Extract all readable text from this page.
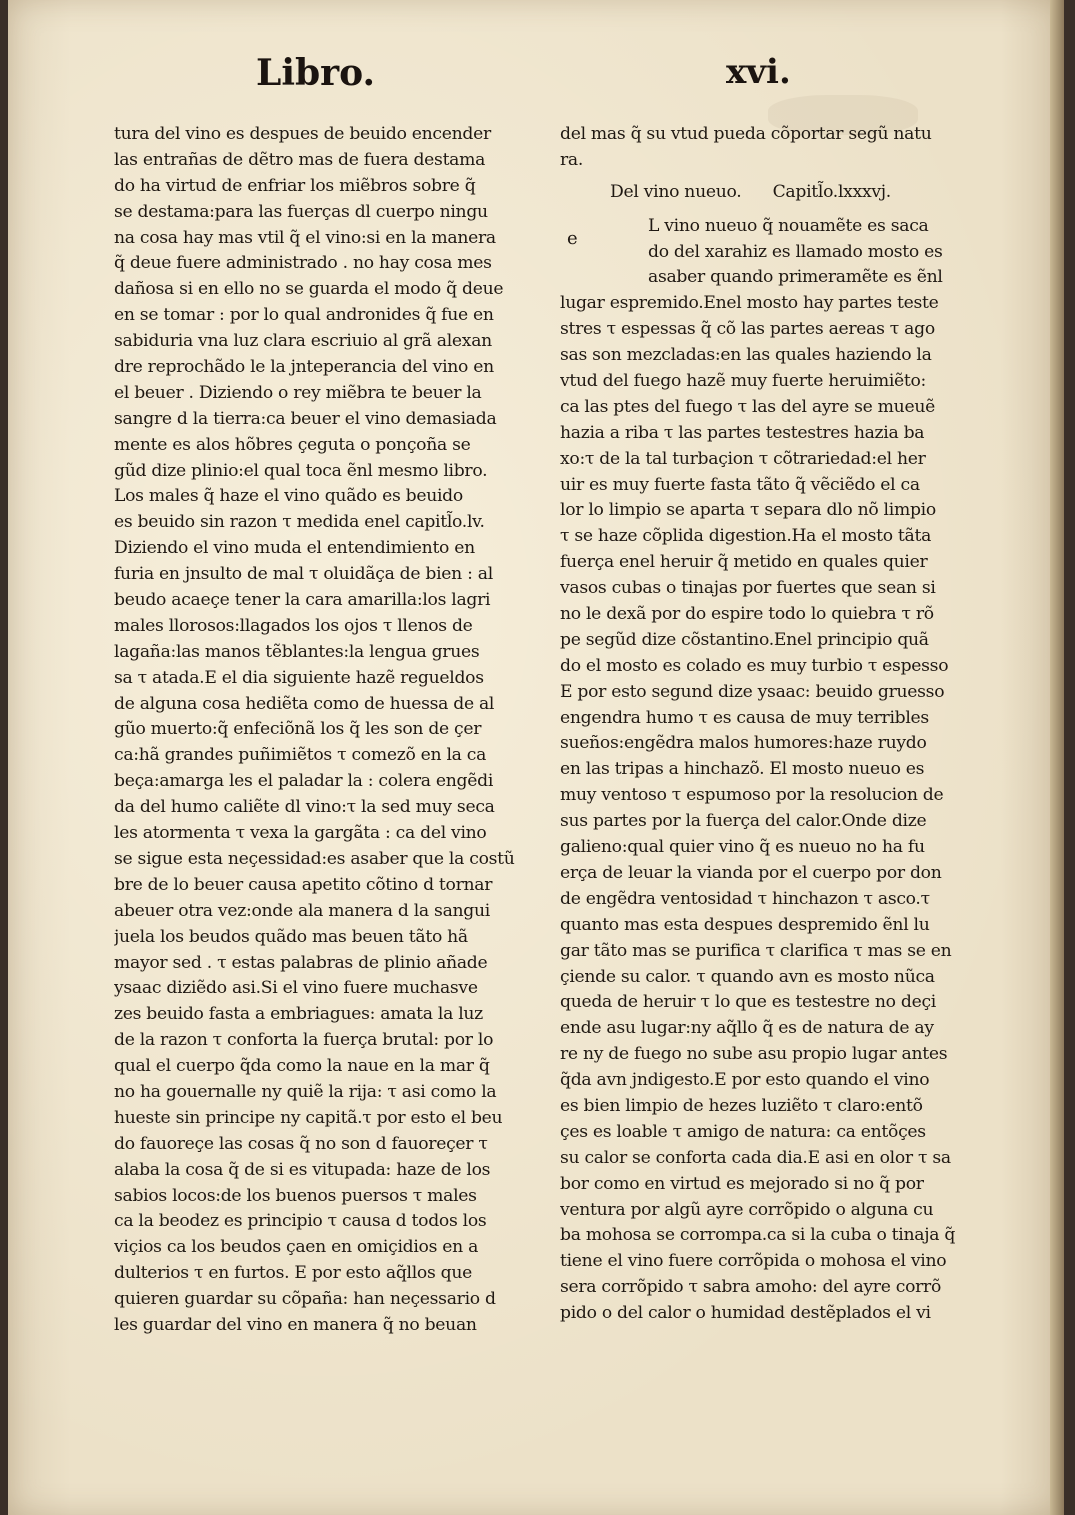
Libro.	xvi.
tura del vino es despues de beuido encender
las entrañas de dẽtro mas de fuera destama
do ha virtud de enfriar los miẽbros sobre q̃
se destama:para las fuerças dl cuerpo ningu
na cosa hay mas vtil q̃ el vino:si en la manera
q̃ deue fuere administrado . no hay cosa mes
dañosa si en ello no se guarda el modo q̃ deue
en se tomar : por lo qual andronides q̃ fue en
sabiduria vna luz clara escriuio al grã alexan
dre reprochãdo le la jnteperancia del vino en
el beuer . Diziendo o rey miẽbra te beuer la
sangre d la tierra:ca beuer el vino demasiada
mente es alos hõbres çeguta o ponçoña se
gũd dize plinio:el qual toca ẽnl mesmo libro.
Los males q̃ haze el vino quãdo es beuido
es beuido sin razon τ medida enel capitl̃o.lv.
Diziendo el vino muda el entendimiento en
furia en jnsulto de mal τ oluidãça de bien : al
beudo acaeçe tener la cara amarilla:los lagri
males llorosos:llagados los ojos τ llenos de
lagaña:las manos tẽblantes:la lengua grues
sa τ atada.E el dia siguiente hazẽ regueldos
de alguna cosa hediẽta como de huessa de al
gũo muerto:q̃ enfeciõnã los q̃ les son de çer
ca:hã grandes puñimiẽtos τ comezõ en la ca
beça:amarga les el paladar la : colera engẽdi
da del humo caliẽte dl vino:τ la sed muy seca
les atormenta τ vexa la gargãta : ca del vino
se sigue esta neçessidad:es asaber que la costũ
bre de lo beuer causa apetito cõtino d tornar
abeuer otra vez:onde ala manera d la sangui
juela los beudos quãdo mas beuen tãto hã
mayor sed . τ estas palabras de plinio añade
ysaac diziẽdo asi.Si el vino fuere muchasve
zes beuido fasta a embriagues: amata la luz
de la razon τ conforta la fuerça brutal: por lo
qual el cuerpo q̃da como la naue en la mar q̃
no ha gouernalle ny quiẽ la rija: τ asi como la
hueste sin principe ny capitã.τ por esto el beu
do fauoreçe las cosas q̃ no son d fauoreçer τ
alaba la cosa q̃ de si es vitupada: haze de los
sabios locos:de los buenos puersos τ males
ca la beodez es principio τ causa d todos los
viçios ca los beudos çaen en omiçidios en a
dulterios τ en furtos. E por esto aq̃llos que
quieren guardar su cõpaña: han neçessario d
les guardar del vino en manera q̃ no beuan
e
del mas q̃ su vtud pueda cõportar segũ natu
ra.
Del vino nueuo. Capitl̃o.lxxxvj.
L vino nueuo q̃ nouamẽte es saca
do del xarahiz es llamado mosto es
asaber quando primeramẽte es ẽnl
lugar espremido.Enel mosto hay partes teste
stres τ espessas q̃ cõ las partes aereas τ ago
sas son mezcladas:en las quales haziendo la
vtud del fuego hazẽ muy fuerte heruimiẽto:
ca las ptes del fuego τ las del ayre se mueuẽ
hazia a riba τ las partes testestres hazia ba
xo:τ de la tal turbaçion τ cõtrariedad:el her
uir es muy fuerte fasta tãto q̃ vẽciẽdo el ca
lor lo limpio se aparta τ separa dlo nõ limpio
τ se haze cõplida digestion.Ha el mosto tãta
fuerça enel heruir q̃ metido en quales quier
vasos cubas o tinajas por fuertes que sean si
no le dexã por do espire todo lo quiebra τ rõ
pe segũd dize cõstantino.Enel principio quã
do el mosto es colado es muy turbio τ espesso
E por esto segund dize ysaac: beuido gruesso
engendra humo τ es causa de muy terribles
sueños:engẽdra malos humores:haze ruydo
en las tripas a hinchazõ. El mosto nueuo es
muy ventoso τ espumoso por la resolucion de
sus partes por la fuerça del calor.Onde dize
galieno:qual quier vino q̃ es nueuo no ha fu
erça de leuar la vianda por el cuerpo por don
de engẽdra ventosidad τ hinchazon τ asco.τ
quanto mas esta despues despremido ẽnl lu
gar tãto mas se purifica τ clarifica τ mas se en
çiende su calor. τ quando avn es mosto nũca
queda de heruir τ lo que es testestre no deçi
ende asu lugar:ny aq̃llo q̃ es de natura de ay
re ny de fuego no sube asu propio lugar antes
q̃da avn jndigesto.E por esto quando el vino
es bien limpio de hezes luziẽto τ claro:entõ
çes es loable τ amigo de natura: ca entõçes
su calor se conforta cada dia.E asi en olor τ sa
bor como en virtud es mejorado si no q̃ por
ventura por algũ ayre corrõpido o alguna cu
ba mohosa se corrompa.ca si la cuba o tinaja q̃
tiene el vino fuere corrõpida o mohosa el vino
sera corrõpido τ sabra amoho: del ayre corrõ
pido o del calor o humidad destẽplados el vi
